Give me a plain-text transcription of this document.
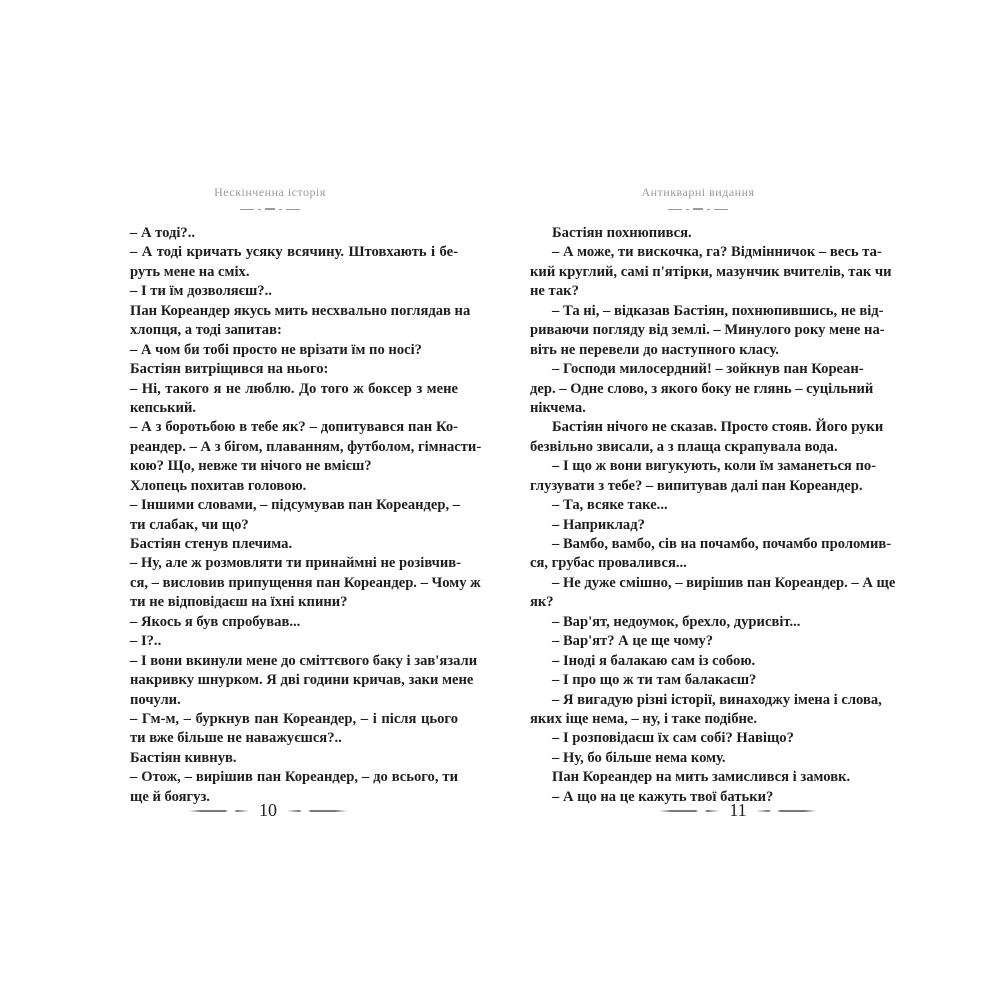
Нескінченна історія
– А тоді?..
– А тоді кричать усяку всячину. Штовхають і бе-
руть мене на сміх.
– І ти їм дозволяєш?..
Пан Кореандер якусь мить несхвально поглядав на
хлопця, а тоді запитав:
– А чом би тобі просто не врізати їм по носі?
Бастіян витріщився на нього:
– Ні, такого я не люблю. До того ж боксер з мене
кепський.
– А з боротьбою в тебе як? – допитувався пан Ко-
реандер. – А з бігом, плаванням, футболом, гімнасти-
кою? Що, невже ти нічого не вмієш?
Хлопець похитав головою.
– Іншими словами, – підсумував пан Кореандер, –
ти слабак, чи що?
Бастіян стенув плечима.
– Ну, але ж розмовляти ти принаймні не розівчив-
ся, – висловив припущення пан Кореандер. – Чому ж
ти не відповідаєш на їхні кпини?
– Якось я був спробував...
– І?..
– І вони вкинули мене до сміттєвого баку і зав'язали
накривку шнурком. Я дві години кричав, заки мене
почули.
– Гм-м, – буркнув пан Кореандер, – і після цього
ти вже більше не наважуєшся?..
Бастіян кивнув.
– Отож, – вирішив пан Кореандер, – до всього, ти
ще й боягуз.
10
Антикварні видання
Бастіян похнюпився.
– А може, ти вискочка, га? Відмінничок – весь та-
кий круглий, самі п'ятірки, мазунчик вчителів, так чи
не так?
– Та ні, – відказав Бастіян, похнюпившись, не від-
риваючи погляду від землі. – Минулого року мене на-
віть не перевели до наступного класу.
– Господи милосердний! – зойкнув пан Кореан-
дер. – Одне слово, з якого боку не глянь – суцільний
нікчема.
Бастіян нічого не сказав. Просто стояв. Його руки
безвільно звисали, а з плаща скрапувала вода.
– І що ж вони вигукують, коли їм заманеться по-
глузувати з тебе? – випитував далі пан Кореандер.
– Та, всяке таке...
– Наприклад?
– Вамбо, вамбо, сів на почамбо, почамбо проломив-
ся, грубас провалився...
– Не дуже смішно, – вирішив пан Кореандер. – А ще
як?
– Вар'ят, недоумок, брехло, дурисвіт...
– Вар'ят? А це ще чому?
– Іноді я балакаю сам із собою.
– І про що ж ти там балакаєш?
– Я вигадую різні історії, винаходжу імена і слова,
яких іще нема, – ну, і таке подібне.
– І розповідаєш їх сам собі? Навіщо?
– Ну, бо більше нема кому.
Пан Кореандер на мить замислився і замовк.
– А що на це кажуть твої батьки?
11
